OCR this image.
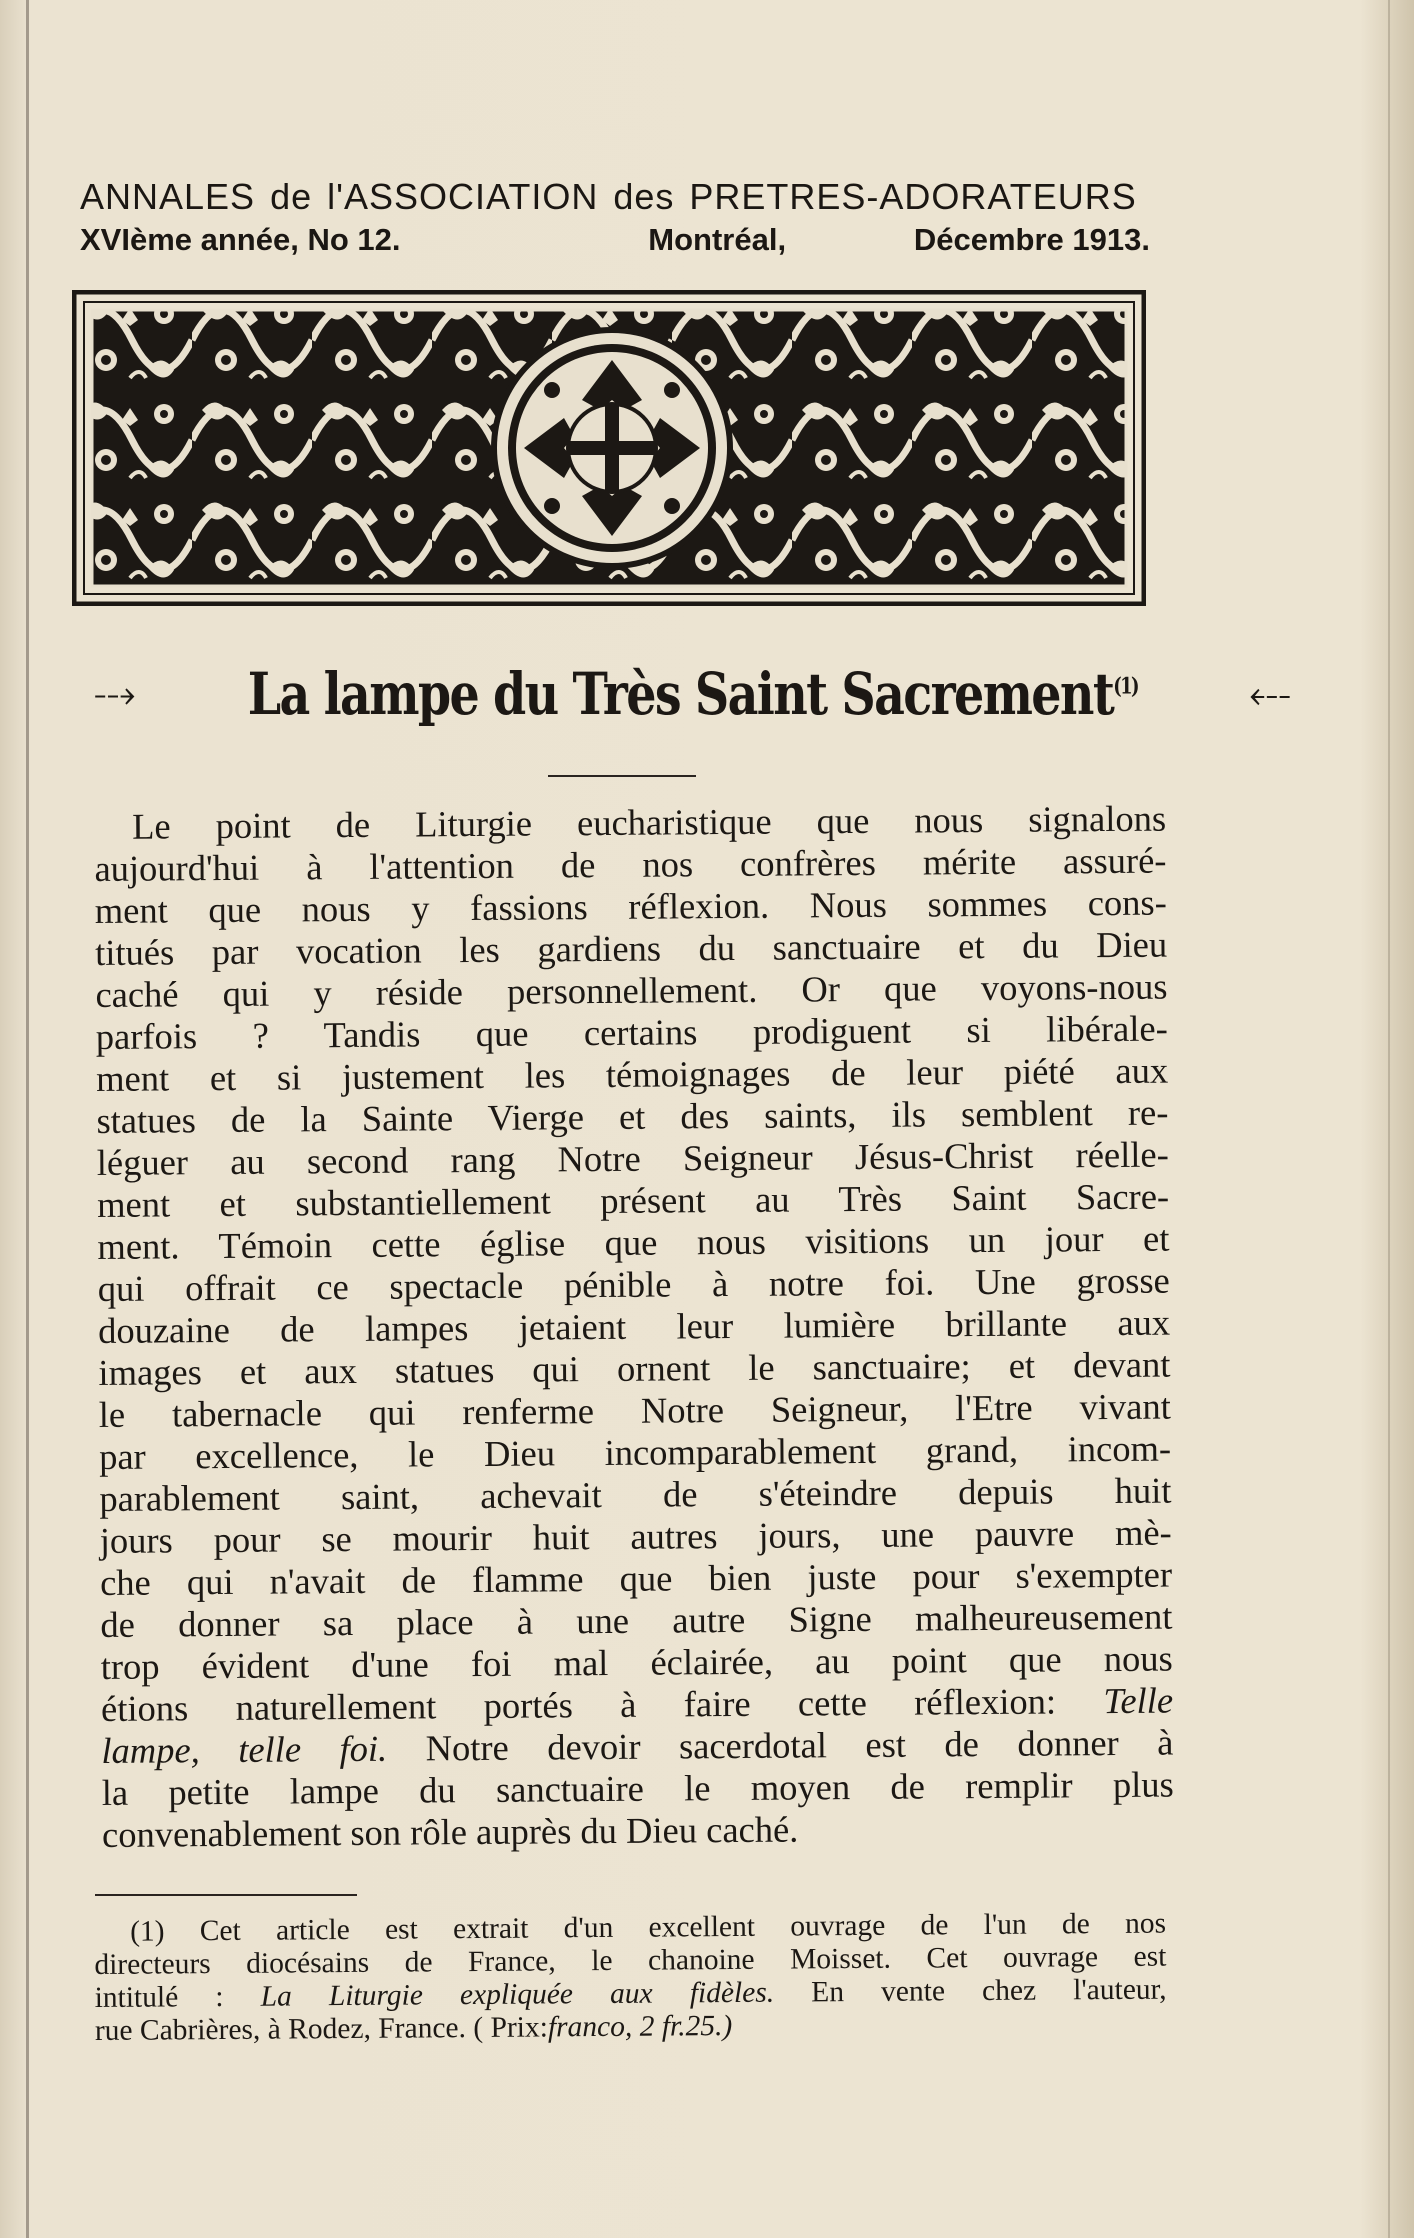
ANNALES de l'ASSOCIATION des PRETRES-ADORATEURS
XVIème année, No 12.	Montréal,	Décembre 1913.
⤏ La lampe du Très Saint Sacrement$^{(1)}$	⤎
Le point de Liturgie eucharistique que nous signalons
aujourd'hui à l'attention de nos confrères mérite assuré-
ment que nous y fassions réflexion. Nous sommes cons-
titués par vocation les gardiens du sanctuaire et du Dieu
caché qui y réside personnellement. Or que voyons-nous
parfois ? Tandis que certains prodiguent si libérale-
ment et si justement les témoignages de leur piété aux
statues de la Sainte Vierge et des saints, ils semblent re-
léguer au second rang Notre Seigneur Jésus-Christ réelle-
ment et substantiellement présent au Très Saint Sacre-
ment. Témoin cette église que nous visitions un jour et
qui offrait ce spectacle pénible à notre foi. Une grosse
douzaine de lampes jetaient leur lumière brillante aux
images et aux statues qui ornent le sanctuaire; et devant
le tabernacle qui renferme Notre Seigneur, l'Etre vivant
par excellence, le Dieu incomparablement grand, incom-
parablement saint, achevait de s'éteindre depuis huit
jours pour se mourir huit autres jours, une pauvre mè-
che qui n'avait de flamme que bien juste pour s'exempter
de donner sa place à une autre Signe malheureusement
trop évident d'une foi mal éclairée, au point que nous
étions naturellement portés à faire cette réflexion: Telle
lampe, telle foi. Notre devoir sacerdotal est de donner à
la petite lampe du sanctuaire le moyen de remplir plus
convenablement son rôle auprès du Dieu caché.
(1) Cet article est extrait d'un excellent ouvrage de l'un de nos
directeurs diocésains de France, le chanoine Moisset. Cet ouvrage est
intitulé : La Liturgie expliquée aux fidèles. En vente chez l'auteur,
rue Cabrières, à Rodez, France. ( Prix:franco, 2 fr.25.)
